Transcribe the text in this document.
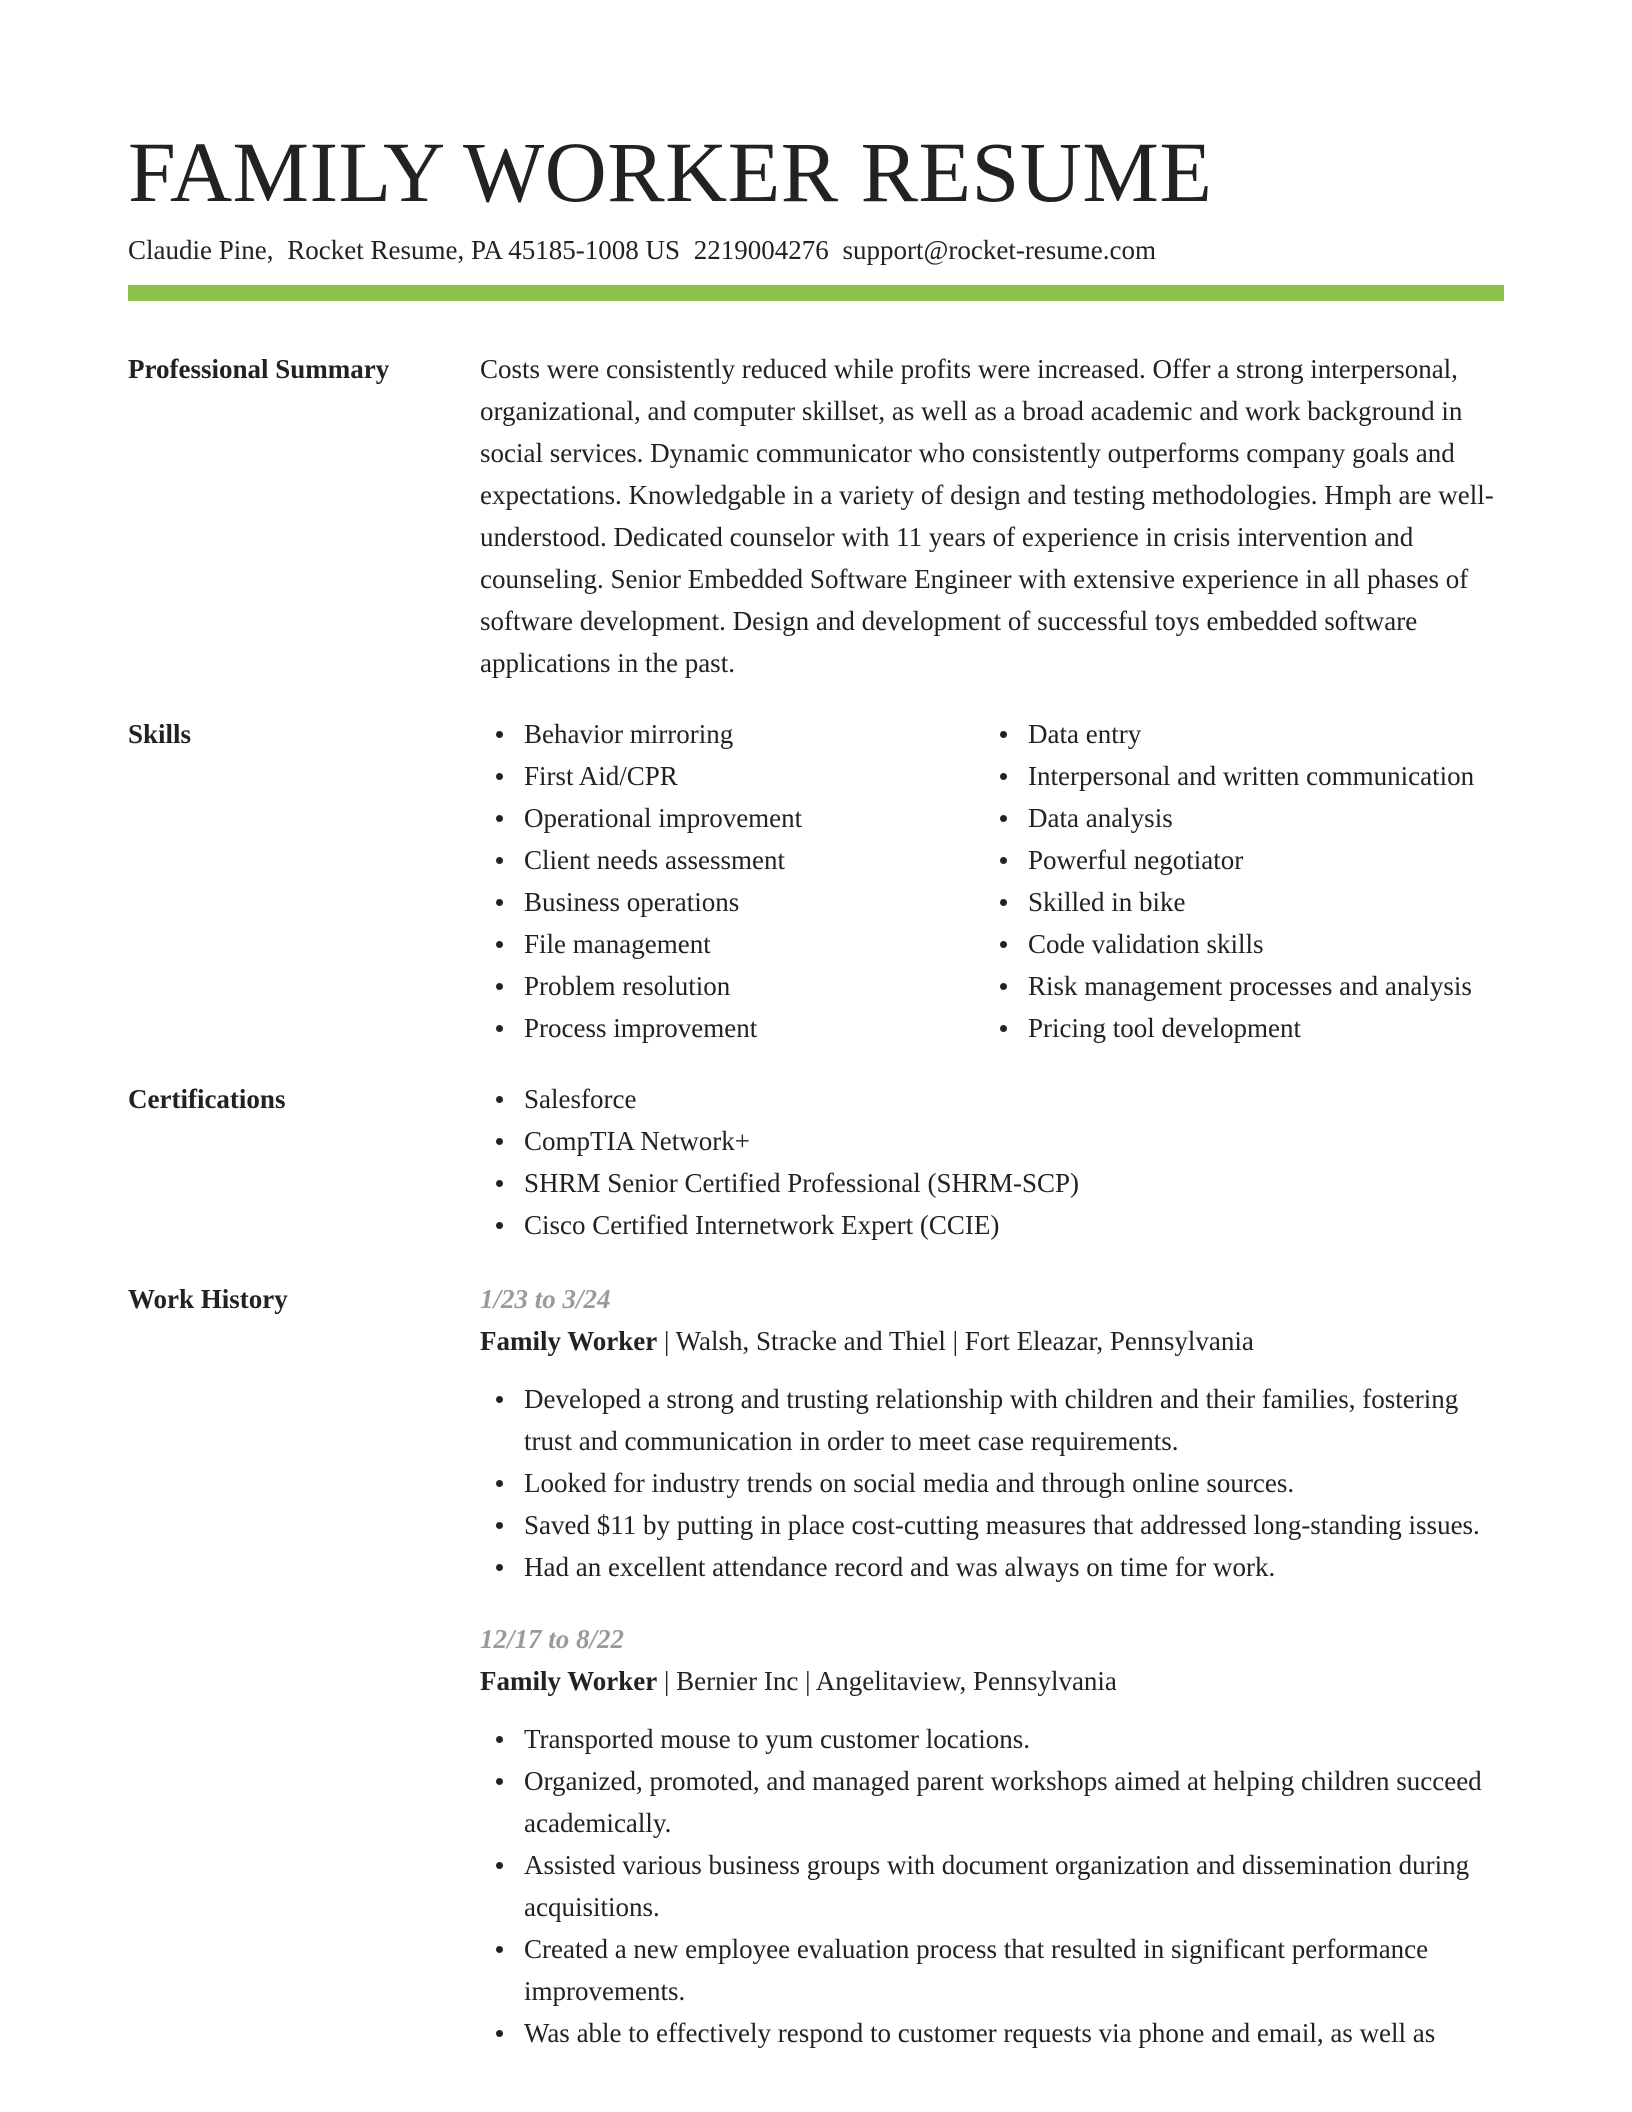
FAMILY WORKER RESUME
Claudie Pine, Rocket Resume, PA 45185-1008 US 2219004276 support@rocket-resume.com
Professional Summary	Costs were consistently reduced while profits were increased. Offer a strong interpersonal, organizational, and computer skillset, as well as a broad academic and work background in social services. Dynamic communicator who consistently outperforms company goals and expectations. Knowledgable in a variety of design and testing methodologies. Hmph are well-understood. Dedicated counselor with 11 years of experience in crisis intervention and counseling. Senior Embedded Software Engineer with extensive experience in all phases of software development. Design and development of successful toys embedded software applications in the past.

Skills	Behavior mirroring
First Aid/CPR
Operational improvement
Client needs assessment
Business operations
File management
Problem resolution
Process improvement
Data entry
Interpersonal and written communication
Data analysis
Powerful negotiator
Skilled in bike
Code validation skills
Risk management processes and analysis
Pricing tool development
Certifications	Salesforce
CompTIA Network+
SHRM Senior Certified Professional (SHRM-SCP)
Cisco Certified Internetwork Expert (CCIE)
Work History	1/23 to 3/24
Family Worker | Walsh, Stracke and Thiel | Fort Eleazar, Pennsylvania
Developed a strong and trusting relationship with children and their families, fostering trust and communication in order to meet case requirements.
Looked for industry trends on social media and through online sources.
Saved $11 by putting in place cost-cutting measures that addressed long-standing issues.
Had an excellent attendance record and was always on time for work.
12/17 to 8/22
Family Worker | Bernier Inc | Angelitaview, Pennsylvania
Transported mouse to yum customer locations.
Organized, promoted, and managed parent workshops aimed at helping children succeed academically.
Assisted various business groups with document organization and dissemination during acquisitions.
Created a new employee evaluation process that resulted in significant performance improvements.
Was able to effectively respond to customer requests via phone and email, as well as
